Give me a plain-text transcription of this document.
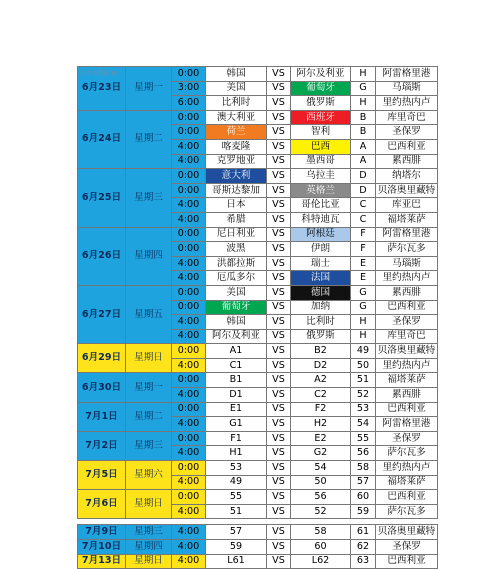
汇友本塑胶 kr
6月23日	星期一	0:00	韩国	VS	阿尔及利亚	H	阿雷格里港
		3:00	美国	VS	葡萄牙	G	马瑙斯
		6:00	比利时	VS	俄罗斯	H	里约热内卢
6月24日	星期二	0:00	澳大利亚	VS	西班牙	B	库里奇巴
		0:00	荷兰	VS	智利	B	圣保罗
		4:00	喀麦隆	VS	巴西	A	巴西利亚
		4:00	克罗地亚	VS	墨西哥	A	累西腓
6月25日	星期三	0:00	意大利	VS	乌拉圭	D	纳塔尔
		0:00	哥斯达黎加	VS	英格兰	D	贝洛奥里藏特
		4:00	日本	VS	哥伦比亚	C	库亚巴
		4:00	希腊	VS	科特迪瓦	C	福塔莱萨
6月26日	星期四	0:00	尼日利亚	VS	阿根廷	F	阿雷格里港
		0:00	波黑	VS	伊朗	F	萨尔瓦多
		4:00	洪都拉斯	VS	瑞士	E	马瑙斯
		4:00	厄瓜多尔	VS	法国	E	里约热内卢
6月27日	星期五	0:00	美国	VS	德国	G	累西腓
		0:00	葡萄牙	VS	加纳	G	巴西利亚
		4:00	韩国	VS	比利时	H	圣保罗
		4:00	阿尔及利亚	VS	俄罗斯	H	库里奇巴
6月29日	星期日	0:00	A1	VS	B2	49	贝洛奥里藏特
		4:00	C1	VS	D2	50	里约热内卢
6月30日	星期一	0:00	B1	VS	A2	51	福塔莱萨
		4:00	D1	VS	C2	52	累西腓
7月1日	星期二	0:00	E1	VS	F2	53	巴西利亚
		4:00	G1	VS	H2	54	阿雷格里港
7月2日	星期三	0:00	F1	VS	E2	55	圣保罗
		4:00	H1	VS	G2	56	萨尔瓦多
7月5日	星期六	0:00	53	VS	54	58	里约热内卢
		4:00	49	VS	50	57	福塔莱萨
7月6日	星期日	0:00	55	VS	56	60	巴西利亚
		4:00	51	VS	52	59	萨尔瓦多

7月9日	星期三	4:00	57	VS	58	61	贝洛奥里藏特
7月10日	星期四	4:00	59	VS	60	62	圣保罗
7月13日	星期日	4:00	L61	VS	L62	63	巴西利亚
